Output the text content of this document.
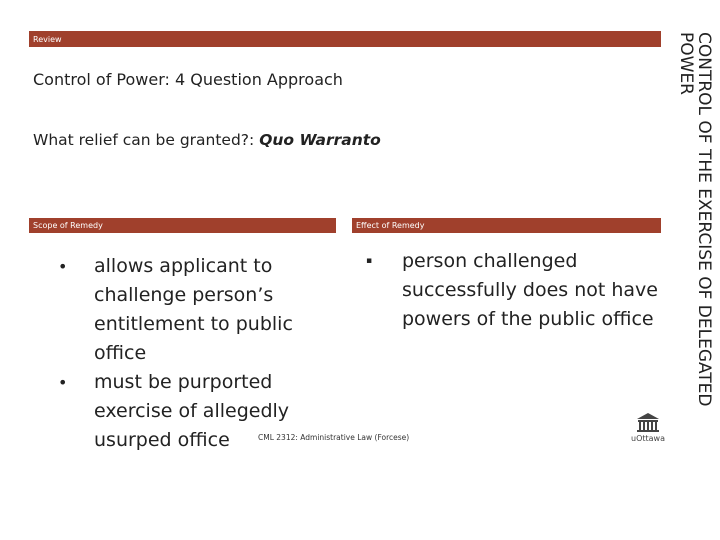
Review
Control of Power: 4 Question Approach
What relief can be granted?: Quo Warranto
Scope of Remedy	Effect of Remedy
• allows applicant to challenge person’s entitlement to public office
• must be purported exercise of allegedly usurped office
▪ person challenged successfully does not have powers of the public office	CONTROL OF THE EXERCISE OF DELEGATED
POWER
CML 2312: Administrative Law (Forcese)	uOttawa
